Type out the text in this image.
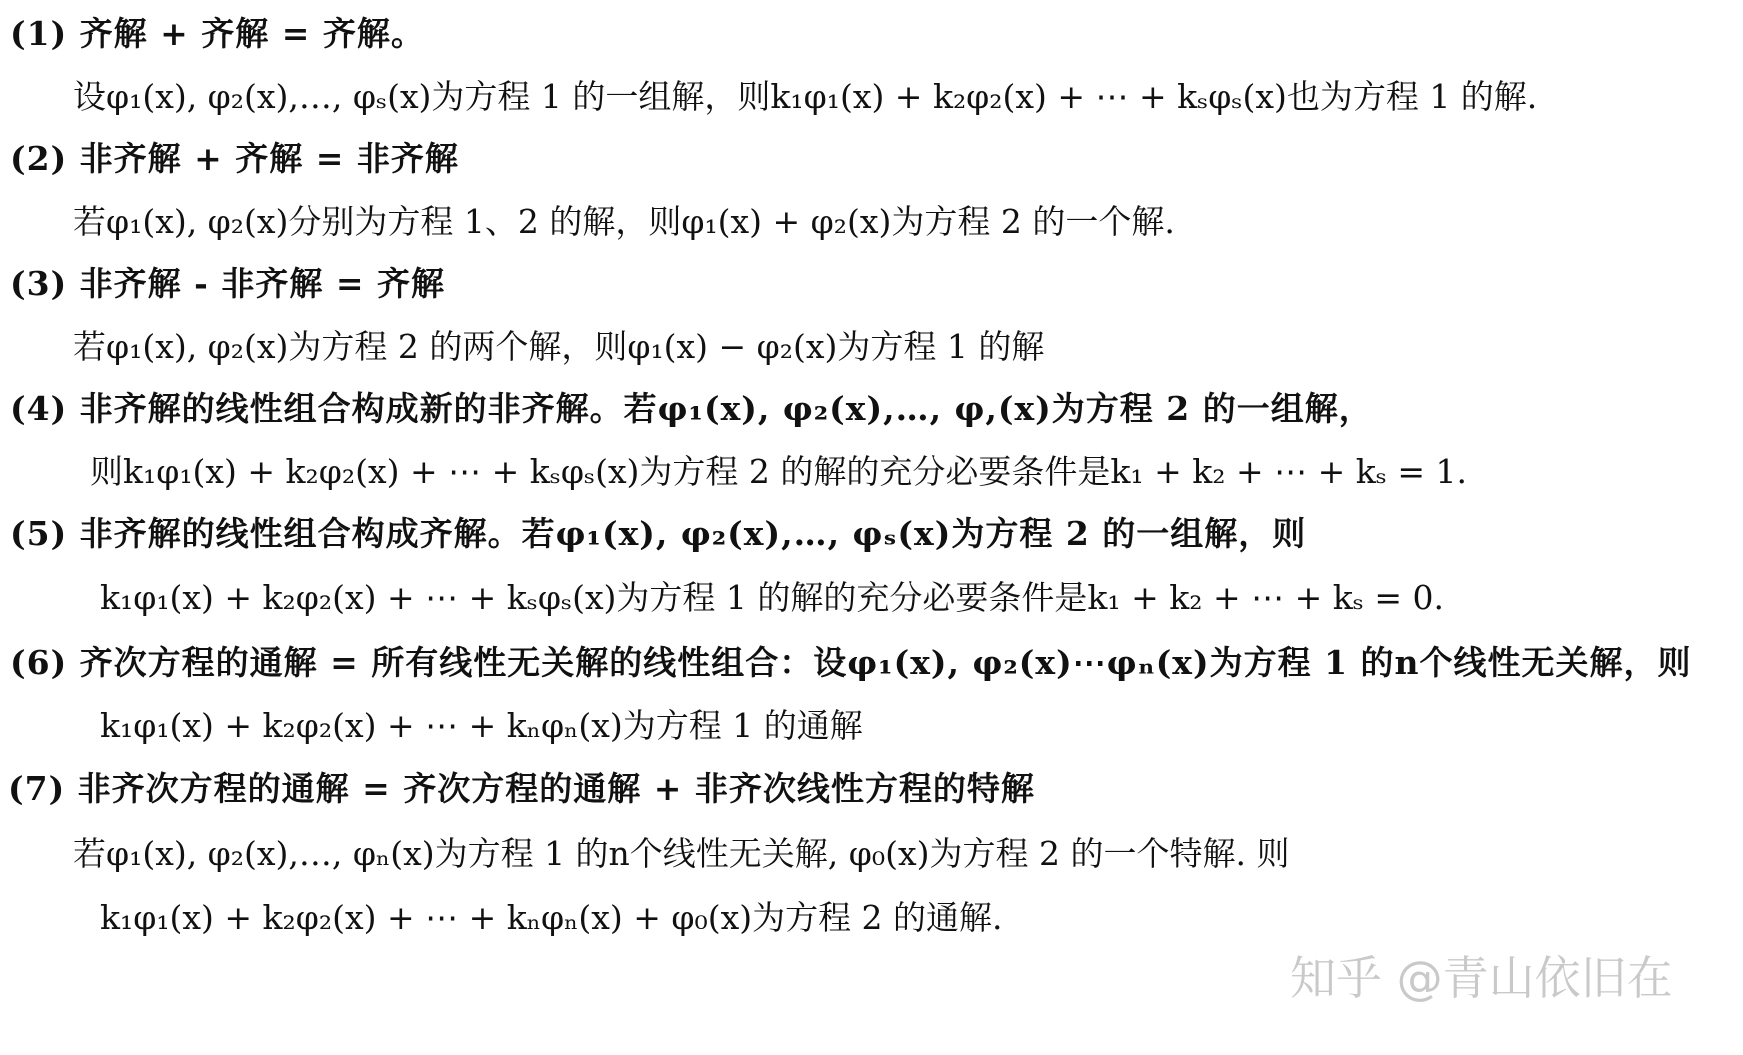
(1) 齐解 + 齐解 = 齐解。
设φ₁(x), φ₂(x),…, φₛ(x)为方程 1 的一组解，则k₁φ₁(x) + k₂φ₂(x) + ⋯ + kₛφₛ(x)也为方程 1 的解.
(2) 非齐解 + 齐解 = 非齐解
若φ₁(x), φ₂(x)分别为方程 1、2 的解，则φ₁(x) + φ₂(x)为方程 2 的一个解.
(3) 非齐解 - 非齐解 = 齐解
若φ₁(x), φ₂(x)为方程 2 的两个解，则φ₁(x) − φ₂(x)为方程 1 的解
(4) 非齐解的线性组合构成新的非齐解。若φ₁(x), φ₂(x),…, φ,(x)为方程 2 的一组解，
则k₁φ₁(x) + k₂φ₂(x) + ⋯ + kₛφₛ(x)为方程 2 的解的充分必要条件是k₁ + k₂ + ⋯ + kₛ = 1.
(5) 非齐解的线性组合构成齐解。若φ₁(x), φ₂(x),…, φₛ(x)为方程 2 的一组解，则
k₁φ₁(x) + k₂φ₂(x) + ⋯ + kₛφₛ(x)为方程 1 的解的充分必要条件是k₁ + k₂ + ⋯ + kₛ = 0.
(6) 齐次方程的通解 = 所有线性无关解的线性组合：设φ₁(x), φ₂(x)⋯φₙ(x)为方程 1 的n个线性无关解，则
k₁φ₁(x) + k₂φ₂(x) + ⋯ + kₙφₙ(x)为方程 1 的通解
(7) 非齐次方程的通解 = 齐次方程的通解 + 非齐次线性方程的特解
若φ₁(x), φ₂(x),…, φₙ(x)为方程 1 的n个线性无关解, φ₀(x)为方程 2 的一个特解. 则
k₁φ₁(x) + k₂φ₂(x) + ⋯ + kₙφₙ(x) + φ₀(x)为方程 2 的通解.
知乎 @青山依旧在
